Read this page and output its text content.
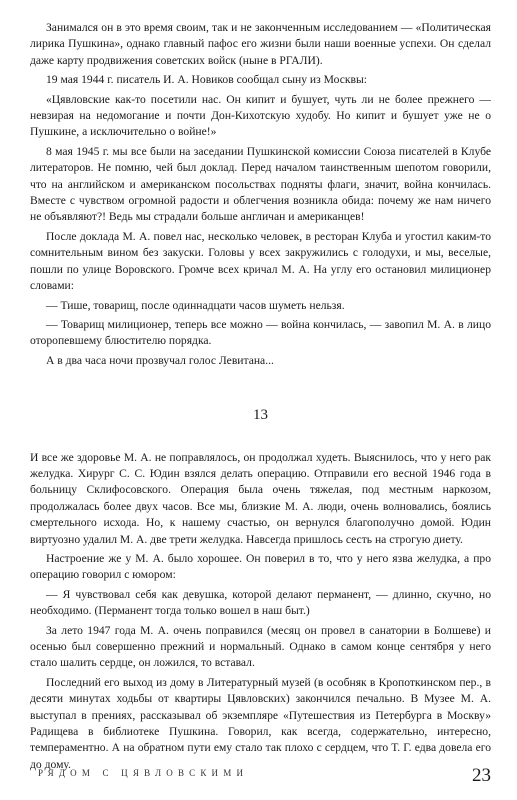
Занимался он в это время своим, так и не законченным исследованием — «Политическая лирика Пушкина», однако главный пафос его жизни были наши военные успехи. Он сделал даже карту продвижения советских войск (ныне в РГАЛИ).

19 мая 1944 г. писатель И. А. Новиков сообщал сыну из Москвы:

«Цявловские как-то посетили нас. Он кипит и бушует, чуть ли не более прежнего — невзирая на недомогание и почти Дон-Кихотскую худобу. Но кипит и бушует уже не о Пушкине, а исключительно о войне!»

8 мая 1945 г. мы все были на заседании Пушкинской комиссии Союза писателей в Клубе литераторов. Не помню, чей был доклад. Перед началом таинственным шепотом говорили, что на английском и американском посольствах подняты флаги, значит, война кончилась. Вместе с чувством огромной радости и облегчения возникла обида: почему же нам ничего не объявляют?! Ведь мы страдали больше англичан и американцев!

После доклада М. А. повел нас, несколько человек, в ресторан Клуба и угостил каким-то сомнительным вином без закуски. Головы у всех закружились с голодухи, и мы, веселые, пошли по улице Воровского. Громче всех кричал М. А. На углу его остановил милиционер словами:

— Тише, товарищ, после одиннадцати часов шуметь нельзя.

— Товарищ милиционер, теперь все можно — война кончилась, — завопил М. А. в лицо оторопевшему блюстителю порядка.

А в два часа ночи прозвучал голос Левитана...

13

И все же здоровье М. А. не поправлялось, он продолжал худеть. Выяснилось, что у него рак желудка. Хирург С. С. Юдин взялся делать операцию. Отправили его весной 1946 года в больницу Склифосовского. Операция была очень тяжелая, под местным наркозом, продолжалась более двух часов. Все мы, близкие М. А. люди, очень волновались, боялись смертельного исхода. Но, к нашему счастью, он вернулся благополучно домой. Юдин виртуозно удалил М. А. две трети желудка. Навсегда пришлось сесть на строгую диету.

Настроение же у М. А. было хорошее. Он поверил в то, что у него язва желудка, а про операцию говорил с юмором:

— Я чувствовал себя как девушка, которой делают перманент, — длинно, скучно, но необходимо. (Перманент тогда только вошел в наш быт.)

За лето 1947 года М. А. очень поправился (месяц он провел в санатории в Болшеве) и осенью был совершенно прежний и нормальный. Однако в самом конце сентября у него стало шалить сердце, он ложился, то вставал.

Последний его выход из дому в Литературный музей (в особняк в Кропоткинском пер., в десяти минутах ходьбы от квартиры Цявловских) закончился печально. В Музее М. А. выступал в прениях, рассказывал об экземпляре «Путешествия из Петербурга в Москву» Радищева в библиотеке Пушкина. Говорил, как всегда, содержательно, интересно, темпераментно. А на обратном пути ему стало так плохо с сердцем, что Т. Г. едва довела его до дому.

РЯДОМ С ЦЯВЛОВСКИМИ	23
